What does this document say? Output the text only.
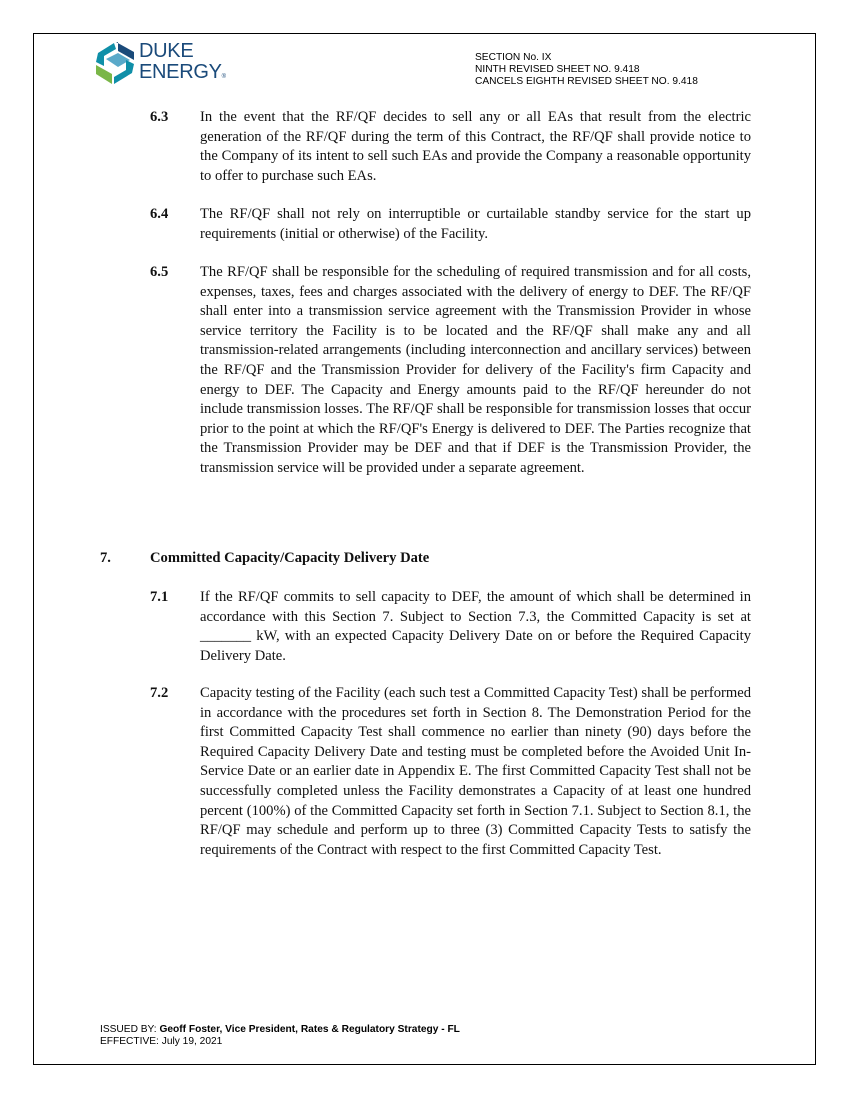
DUKE
ENERGY®
SECTION No. IX
NINTH REVISED SHEET NO. 9.418
CANCELS EIGHTH REVISED SHEET NO. 9.418
6.3 In the event that the RF/QF decides to sell any or all EAs that result from the electric generation of the RF/QF during the term of this Contract, the RF/QF shall provide notice to the Company of its intent to sell such EAs and provide the Company a reasonable opportunity to offer to purchase such EAs.
6.4 The RF/QF shall not rely on interruptible or curtailable standby service for the start up requirements (initial or otherwise) of the Facility.
6.5 The RF/QF shall be responsible for the scheduling of required transmission and for all costs, expenses, taxes, fees and charges associated with the delivery of energy to DEF. The RF/QF shall enter into a transmission service agreement with the Transmission Provider in whose service territory the Facility is to be located and the RF/QF shall make any and all transmission-related arrangements (including interconnection and ancillary services) between the RF/QF and the Transmission Provider for delivery of the Facility's firm Capacity and energy to DEF. The Capacity and Energy amounts paid to the RF/QF hereunder do not include transmission losses. The RF/QF shall be responsible for transmission losses that occur prior to the point at which the RF/QF's Energy is delivered to DEF. The Parties recognize that the Transmission Provider may be DEF and that if DEF is the Transmission Provider, the transmission service will be provided under a separate agreement.
7.	Committed Capacity/Capacity Delivery Date
7.1 If the RF/QF commits to sell capacity to DEF, the amount of which shall be determined in accordance with this Section 7. Subject to Section 7.3, the Committed Capacity is set at _______ kW, with an expected Capacity Delivery Date on or before the Required Capacity Delivery Date.
7.2 Capacity testing of the Facility (each such test a Committed Capacity Test) shall be performed in accordance with the procedures set forth in Section 8. The Demonstration Period for the first Committed Capacity Test shall commence no earlier than ninety (90) days before the Required Capacity Delivery Date and testing must be completed before the Avoided Unit In-Service Date or an earlier date in Appendix E. The first Committed Capacity Test shall not be successfully completed unless the Facility demonstrates a Capacity of at least one hundred percent (100%) of the Committed Capacity set forth in Section 7.1. Subject to Section 8.1, the RF/QF may schedule and perform up to three (3) Committed Capacity Tests to satisfy the requirements of the Contract with respect to the first Committed Capacity Test.
ISSUED BY: Geoff Foster, Vice President, Rates & Regulatory Strategy - FL
EFFECTIVE: July 19, 2021
